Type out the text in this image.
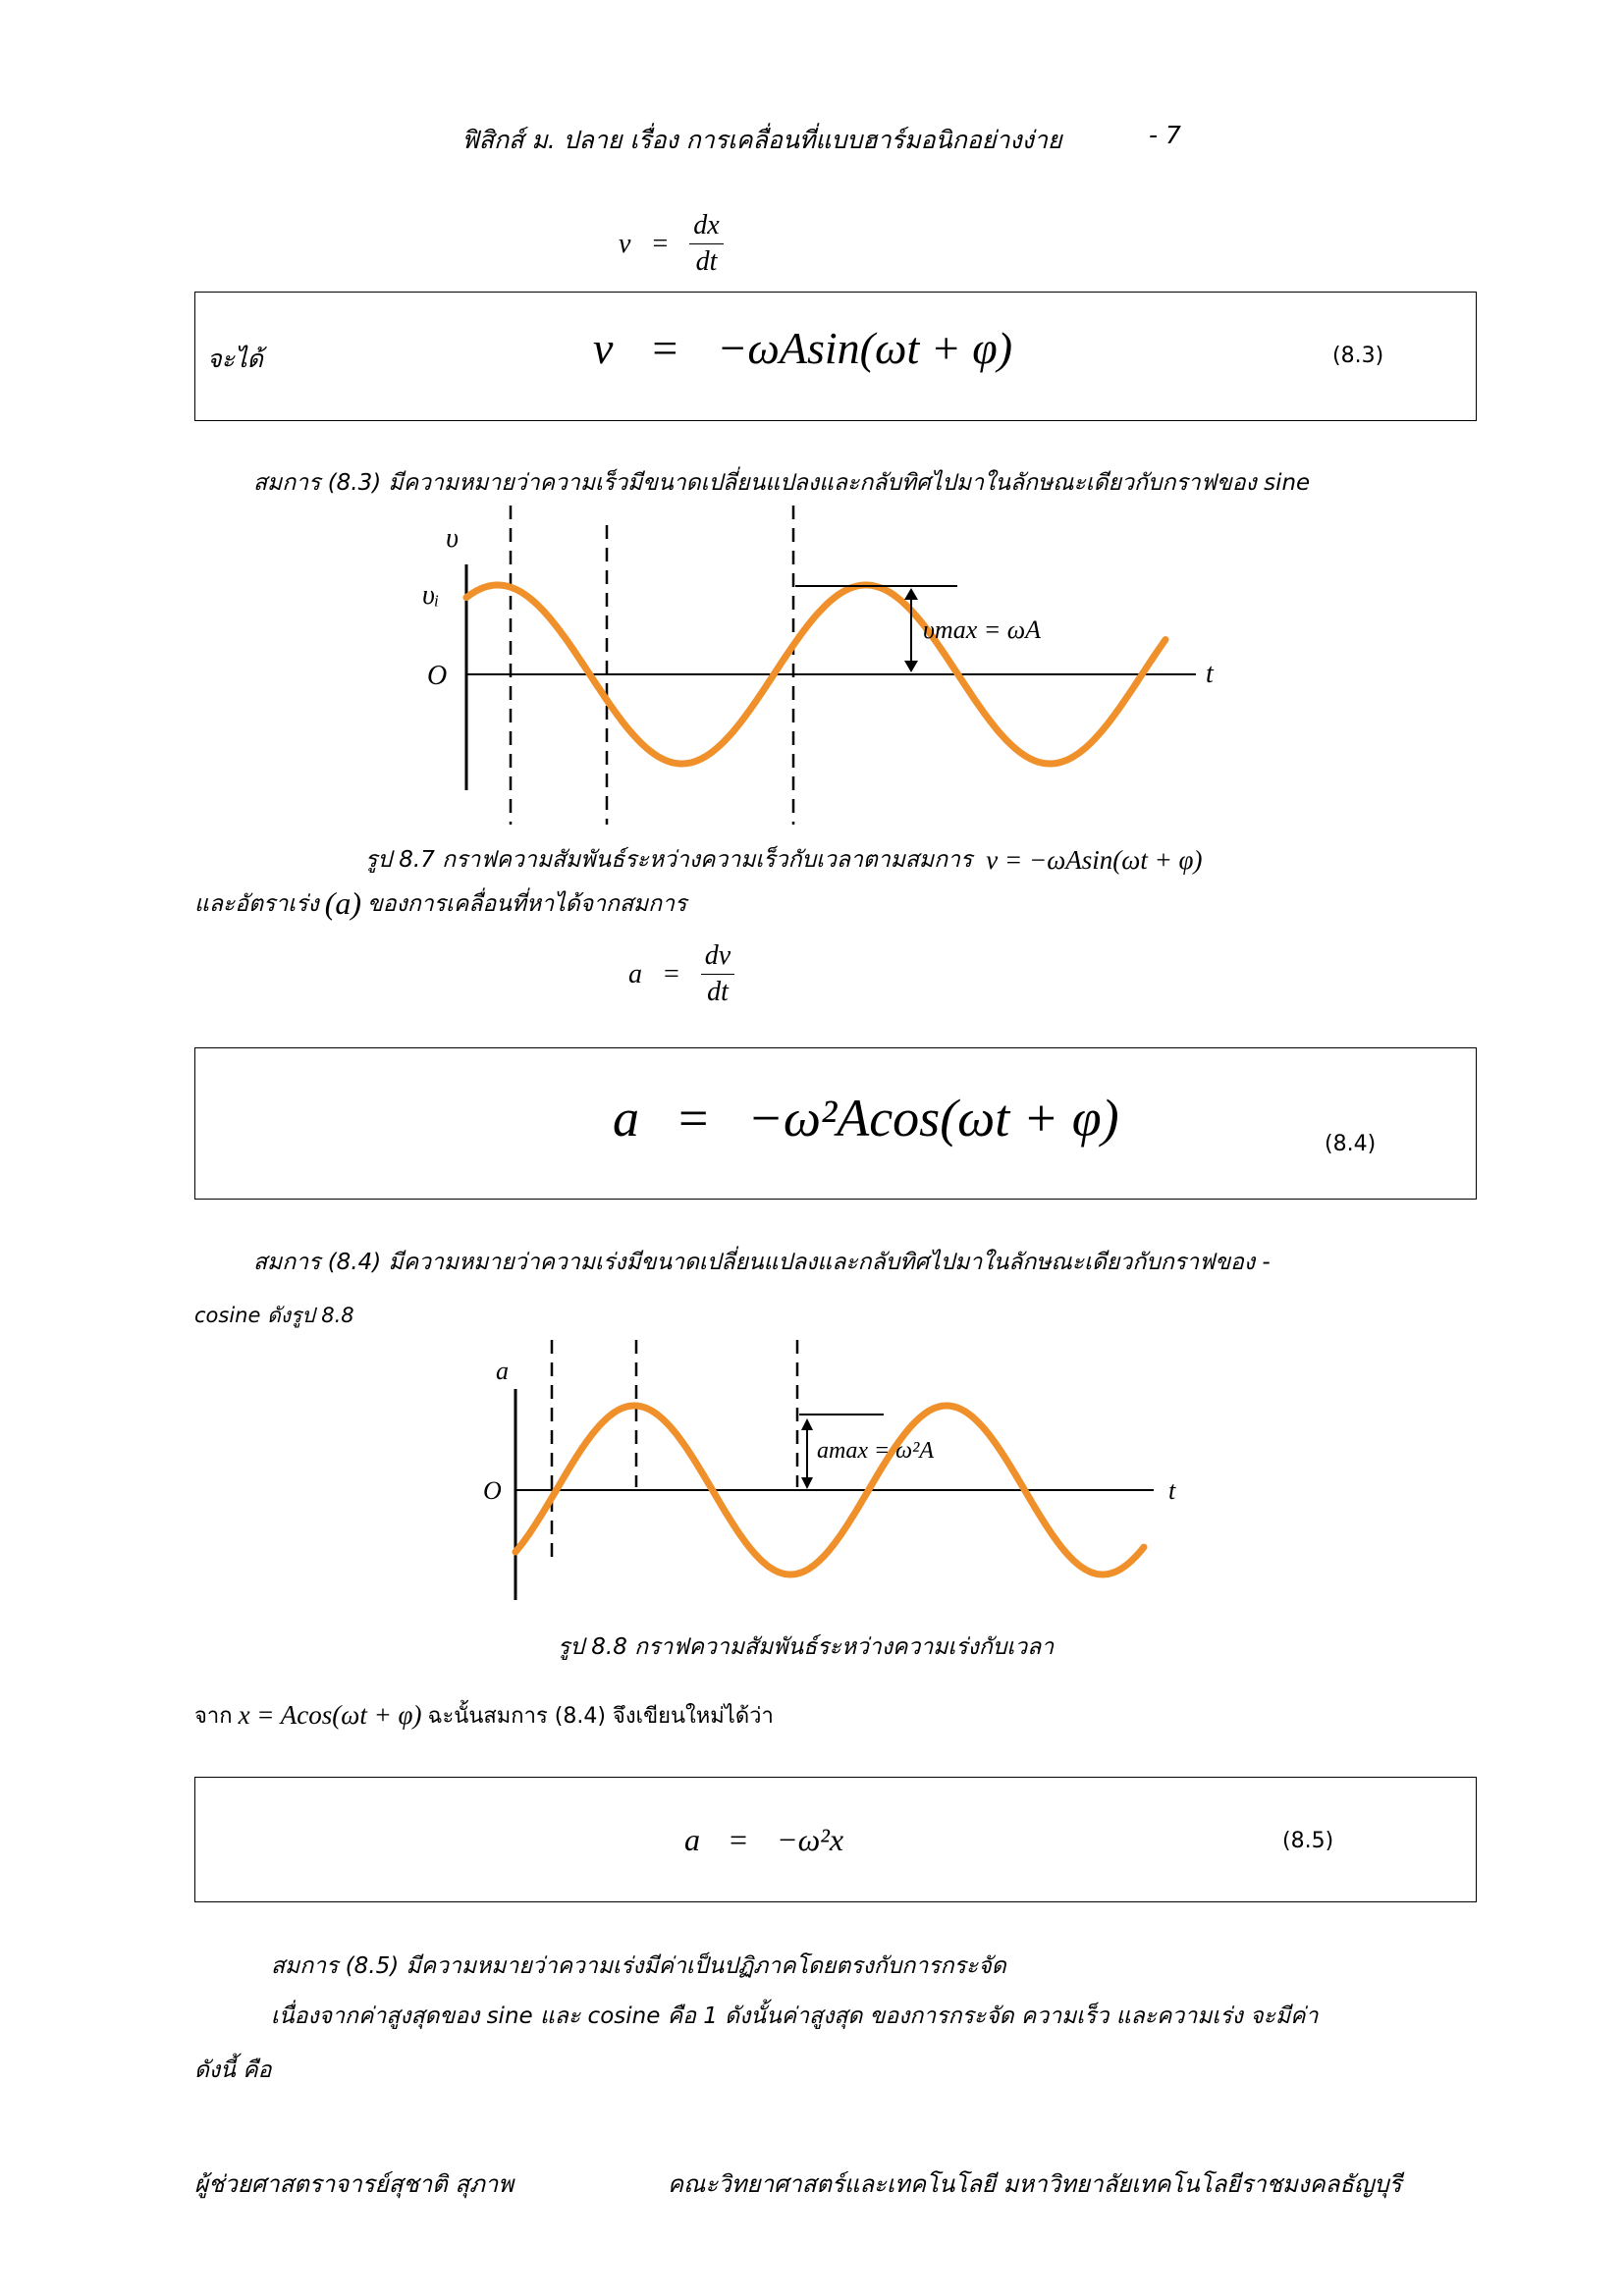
ฟิสิกส์ ม. ปลาย เรื่อง การเคลื่อนที่แบบฮาร์มอนิกอย่างง่าย	- 7
$v = \frac{dx}{dt}$
จะได้	v = −ωAsin(ωt + φ)	(8.3)
สมการ (8.3) มีความหมายว่าความเร็วมีขนาดเปลี่ยนแปลงและกลับทิศไปมาในลักษณะเดียวกับกราฟของ sine
υ
t
O
υᵢ
υmax = ωA
รูป 8.7 กราฟความสัมพันธ์ระหว่างความเร็วกับเวลาตามสมการ v = −ωAsin(ωt + φ)
และอัตราเร่ง (a) ของการเคลื่อนที่หาได้จากสมการ
$a = \frac{dv}{dt}$
a = −ω²Acos(ωt + φ)	(8.4)
สมการ (8.4) มีความหมายว่าความเร่งมีขนาดเปลี่ยนแปลงและกลับทิศไปมาในลักษณะเดียวกับกราฟของ -
cosine ดังรูป 8.8
a
t
O
amax = ω²A
รูป 8.8 กราฟความสัมพันธ์ระหว่างความเร่งกับเวลา
จาก x = Acos(ωt + φ) ฉะนั้นสมการ (8.4) จึงเขียนใหม่ได้ว่า
a = −ω²x	(8.5)
สมการ (8.5) มีความหมายว่าความเร่งมีค่าเป็นปฏิภาคโดยตรงกับการกระจัด
เนื่องจากค่าสูงสุดของ sine และ cosine คือ 1 ดังนั้นค่าสูงสุด ของการกระจัด ความเร็ว และความเร่ง จะมีค่า
ดังนี้ คือ
ผู้ช่วยศาสตราจารย์สุชาติ สุภาพ	คณะวิทยาศาสตร์และเทคโนโลยี มหาวิทยาลัยเทคโนโลยีราชมงคลธัญบุรี
